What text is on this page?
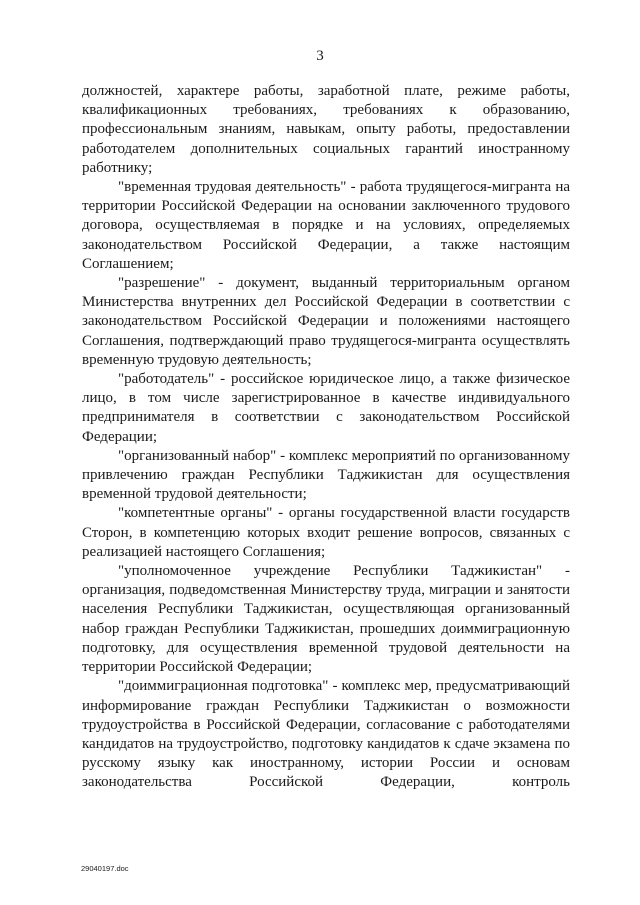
3

должностей, характере работы, заработной плате, режиме работы, квалификационных требованиях, требованиях к образованию, профессиональным знаниям, навыкам, опыту работы, предоставлении работодателем дополнительных социальных гарантий иностранному работнику;

"временная трудовая деятельность" - работа трудящегося-мигранта на территории Российской Федерации на основании заключенного трудового договора, осуществляемая в порядке и на условиях, определяемых законодательством Российской Федерации, а также настоящим Соглашением;

"разрешение" - документ, выданный территориальным органом Министерства внутренних дел Российской Федерации в соответствии с законодательством Российской Федерации и положениями настоящего Соглашения, подтверждающий право трудящегося-мигранта осуществлять временную трудовую деятельность;

"работодатель" - российское юридическое лицо, а также физическое лицо, в том числе зарегистрированное в качестве индивидуального предпринимателя в соответствии с законодательством Российской Федерации;

"организованный набор" - комплекс мероприятий по организованному привлечению граждан Республики Таджикистан для осуществления временной трудовой деятельности;

"компетентные органы" - органы государственной власти государств Сторон, в компетенцию которых входит решение вопросов, связанных с реализацией настоящего Соглашения;

"уполномоченное учреждение Республики Таджикистан" - организация, подведомственная Министерству труда, миграции и занятости населения Республики Таджикистан, осуществляющая организованный набор граждан Республики Таджикистан, прошедших доиммиграционную подготовку, для осуществления временной трудовой деятельности на территории Российской Федерации;

"доиммиграционная подготовка" - комплекс мер, предусматривающий информирование граждан Республики Таджикистан о возможности трудоустройства в Российской Федерации, согласование с работодателями кандидатов на трудоустройство, подготовку кандидатов к сдаче экзамена по русскому языку как иностранному, истории России и основам законодательства Российской Федерации, контроль

29040197.doc
